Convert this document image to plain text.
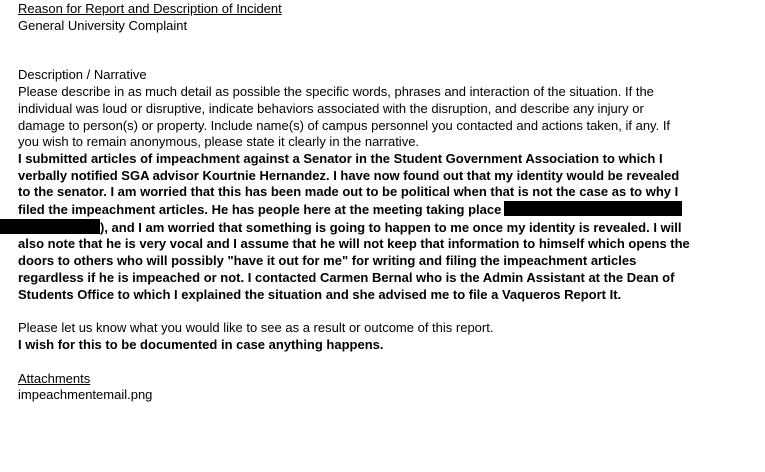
Reason for Report and Description of Incident
General University Complaint
Description / Narrative
Please describe in as much detail as possible the specific words, phrases and interaction of the situation. If the
individual was loud or disruptive, indicate behaviors associated with the disruption, and describe any injury or
damage to person(s) or property. Include name(s) of campus personnel you contacted and actions taken, if any. If
you wish to remain anonymous, please state it clearly in the narrative.
I submitted articles of impeachment against a Senator in the Student Government Association to which I
verbally notified SGA advisor Kourtnie Hernandez. I have now found out that my identity would be revealed
to the senator. I am worried that this has been made out to be political when that is not the case as to why I
filed the impeachment articles. He has people here at the meeting taking place
), and I am worried that something is going to happen to me once my identity is revealed. I will
also note that he is very vocal and I assume that he will not keep that information to himself which opens the
doors to others who will possibly "have it out for me" for writing and filing the impeachment articles
regardless if he is impeached or not. I contacted Carmen Bernal who is the Admin Assistant at the Dean of
Students Office to which I explained the situation and she advised me to file a Vaqueros Report It.
Please let us know what you would like to see as a result or outcome of this report.
I wish for this to be documented in case anything happens.
Attachments
impeachmentemail.png
